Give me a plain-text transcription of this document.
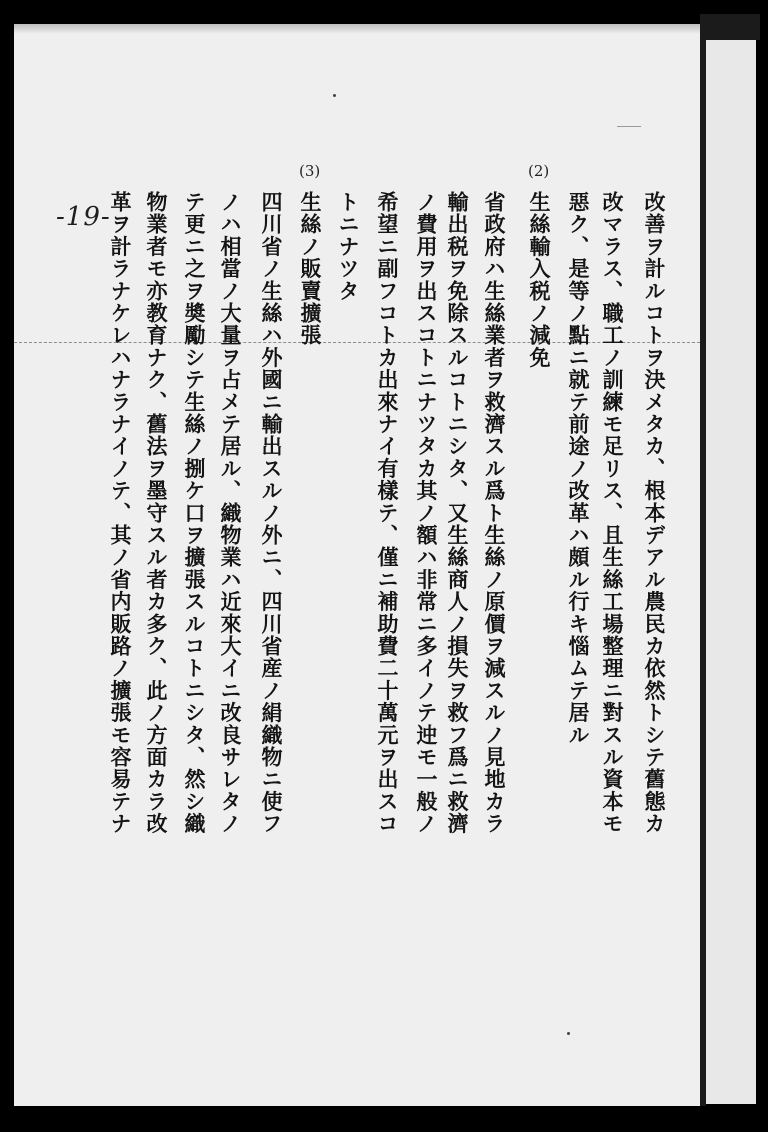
-19-
(2)
(3)
改善ヲ計ルコトヲ決メタカ、根本デアル農民カ依然トシテ舊態カ
改マラス、職工ノ訓練モ足リス、且生絲工場整理ニ對スル資本モ
惡ク、是等ノ點ニ就テ前途ノ改革ハ頗ル行キ惱ムテ居ル
生絲輸入税ノ減免
省政府ハ生絲業者ヲ救濟スル爲ト生絲ノ原價ヲ減スルノ見地カラ
輸出税ヲ免除スルコトニシタ、又生絲商人ノ損失ヲ救フ爲ニ救濟
ノ費用ヲ出スコトニナツタカ其ノ額ハ非常ニ多イノテ迚モ一般ノ
希望ニ副フコトカ出來ナイ有樣テ、僅ニ補助費二十萬元ヲ出スコ
トニナツタ
生絲ノ販賣擴張
四川省ノ生絲ハ外國ニ輸出スルノ外ニ、四川省産ノ絹織物ニ使フ
ノハ相當ノ大量ヲ占メテ居ル、織物業ハ近來大イニ改良サレタノ
テ更ニ之ヲ奬勵シテ生絲ノ捌ケ口ヲ擴張スルコトニシタ、然シ織
物業者モ亦教育ナク、舊法ヲ墨守スル者カ多ク、此ノ方面カラ改
革ヲ計ラナケレハナラナイノテ、其ノ省内販路ノ擴張モ容易テナ
